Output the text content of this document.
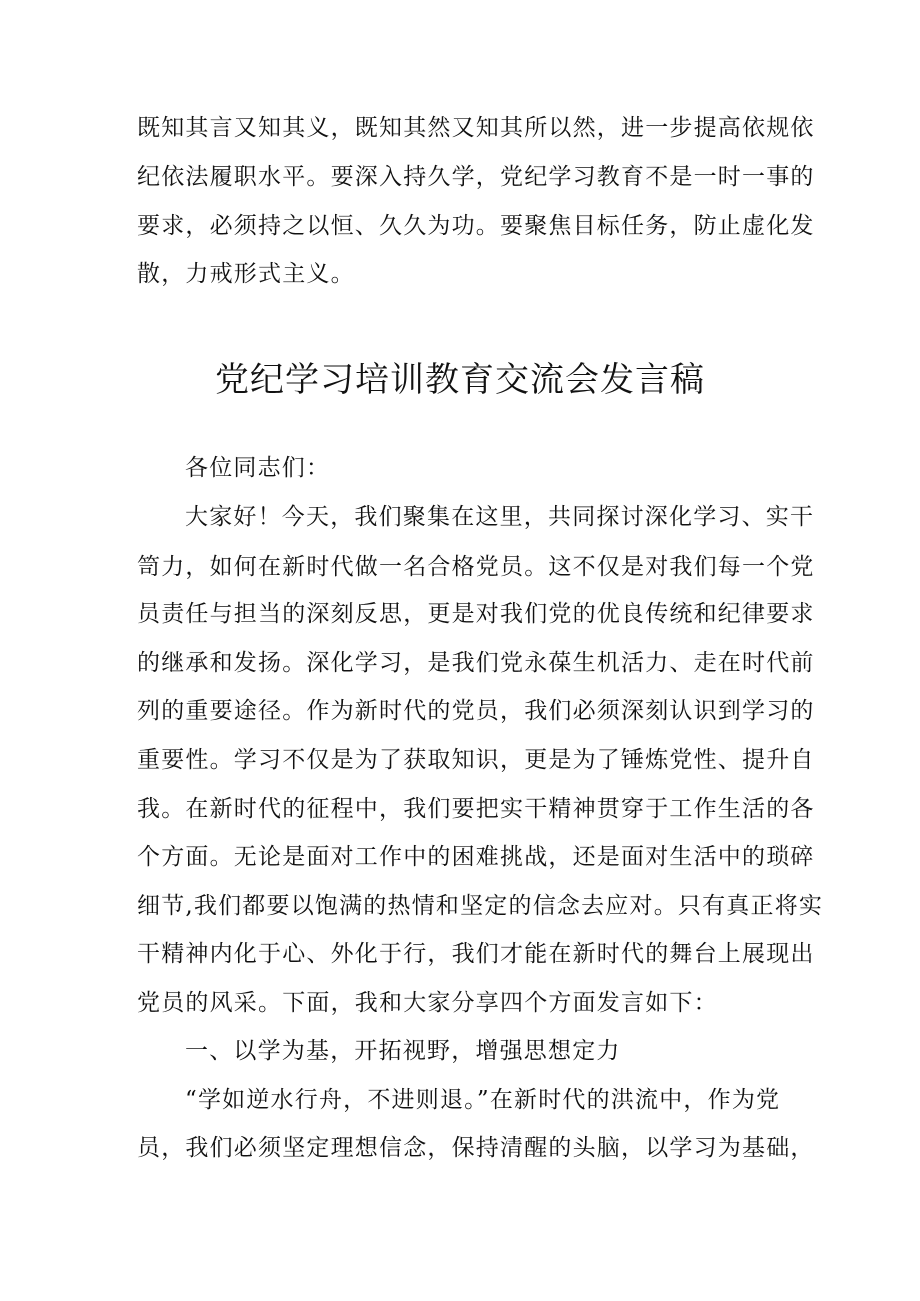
既知其言又知其义，既知其然又知其所以然，进一步提高依规依
纪依法履职水平。要深入持久学，党纪学习教育不是一时一事的
要求，必须持之以恒、久久为功。要聚焦目标任务，防止虚化发
散，力戒形式主义。
党纪学习培训教育交流会发言稿
各位同志们：
大家好！今天，我们聚集在这里，共同探讨深化学习、实干
笥力，如何在新时代做一名合格党员。这不仅是对我们每一个党
员责任与担当的深刻反思，更是对我们党的优良传统和纪律要求
的继承和发扬。深化学习，是我们党永葆生机活力、走在时代前
列的重要途径。作为新时代的党员，我们必须深刻认识到学习的
重要性。学习不仅是为了获取知识，更是为了锤炼党性、提升自
我。在新时代的征程中，我们要把实干精神贯穿于工作生活的各
个方面。无论是面对工作中的困难挑战，还是面对生活中的琐碎
细节,我们都要以饱满的热情和坚定的信念去应对。只有真正将实
干精神内化于心、外化于行，我们才能在新时代的舞台上展现出
党员的风采。下面，我和大家分享四个方面发言如下：
一、以学为基，开拓视野，增强思想定力
“学如逆水行舟，不进则退。”在新时代的洪流中，作为党
员，我们必须坚定理想信念，保持清醒的头脑，以学习为基础，
